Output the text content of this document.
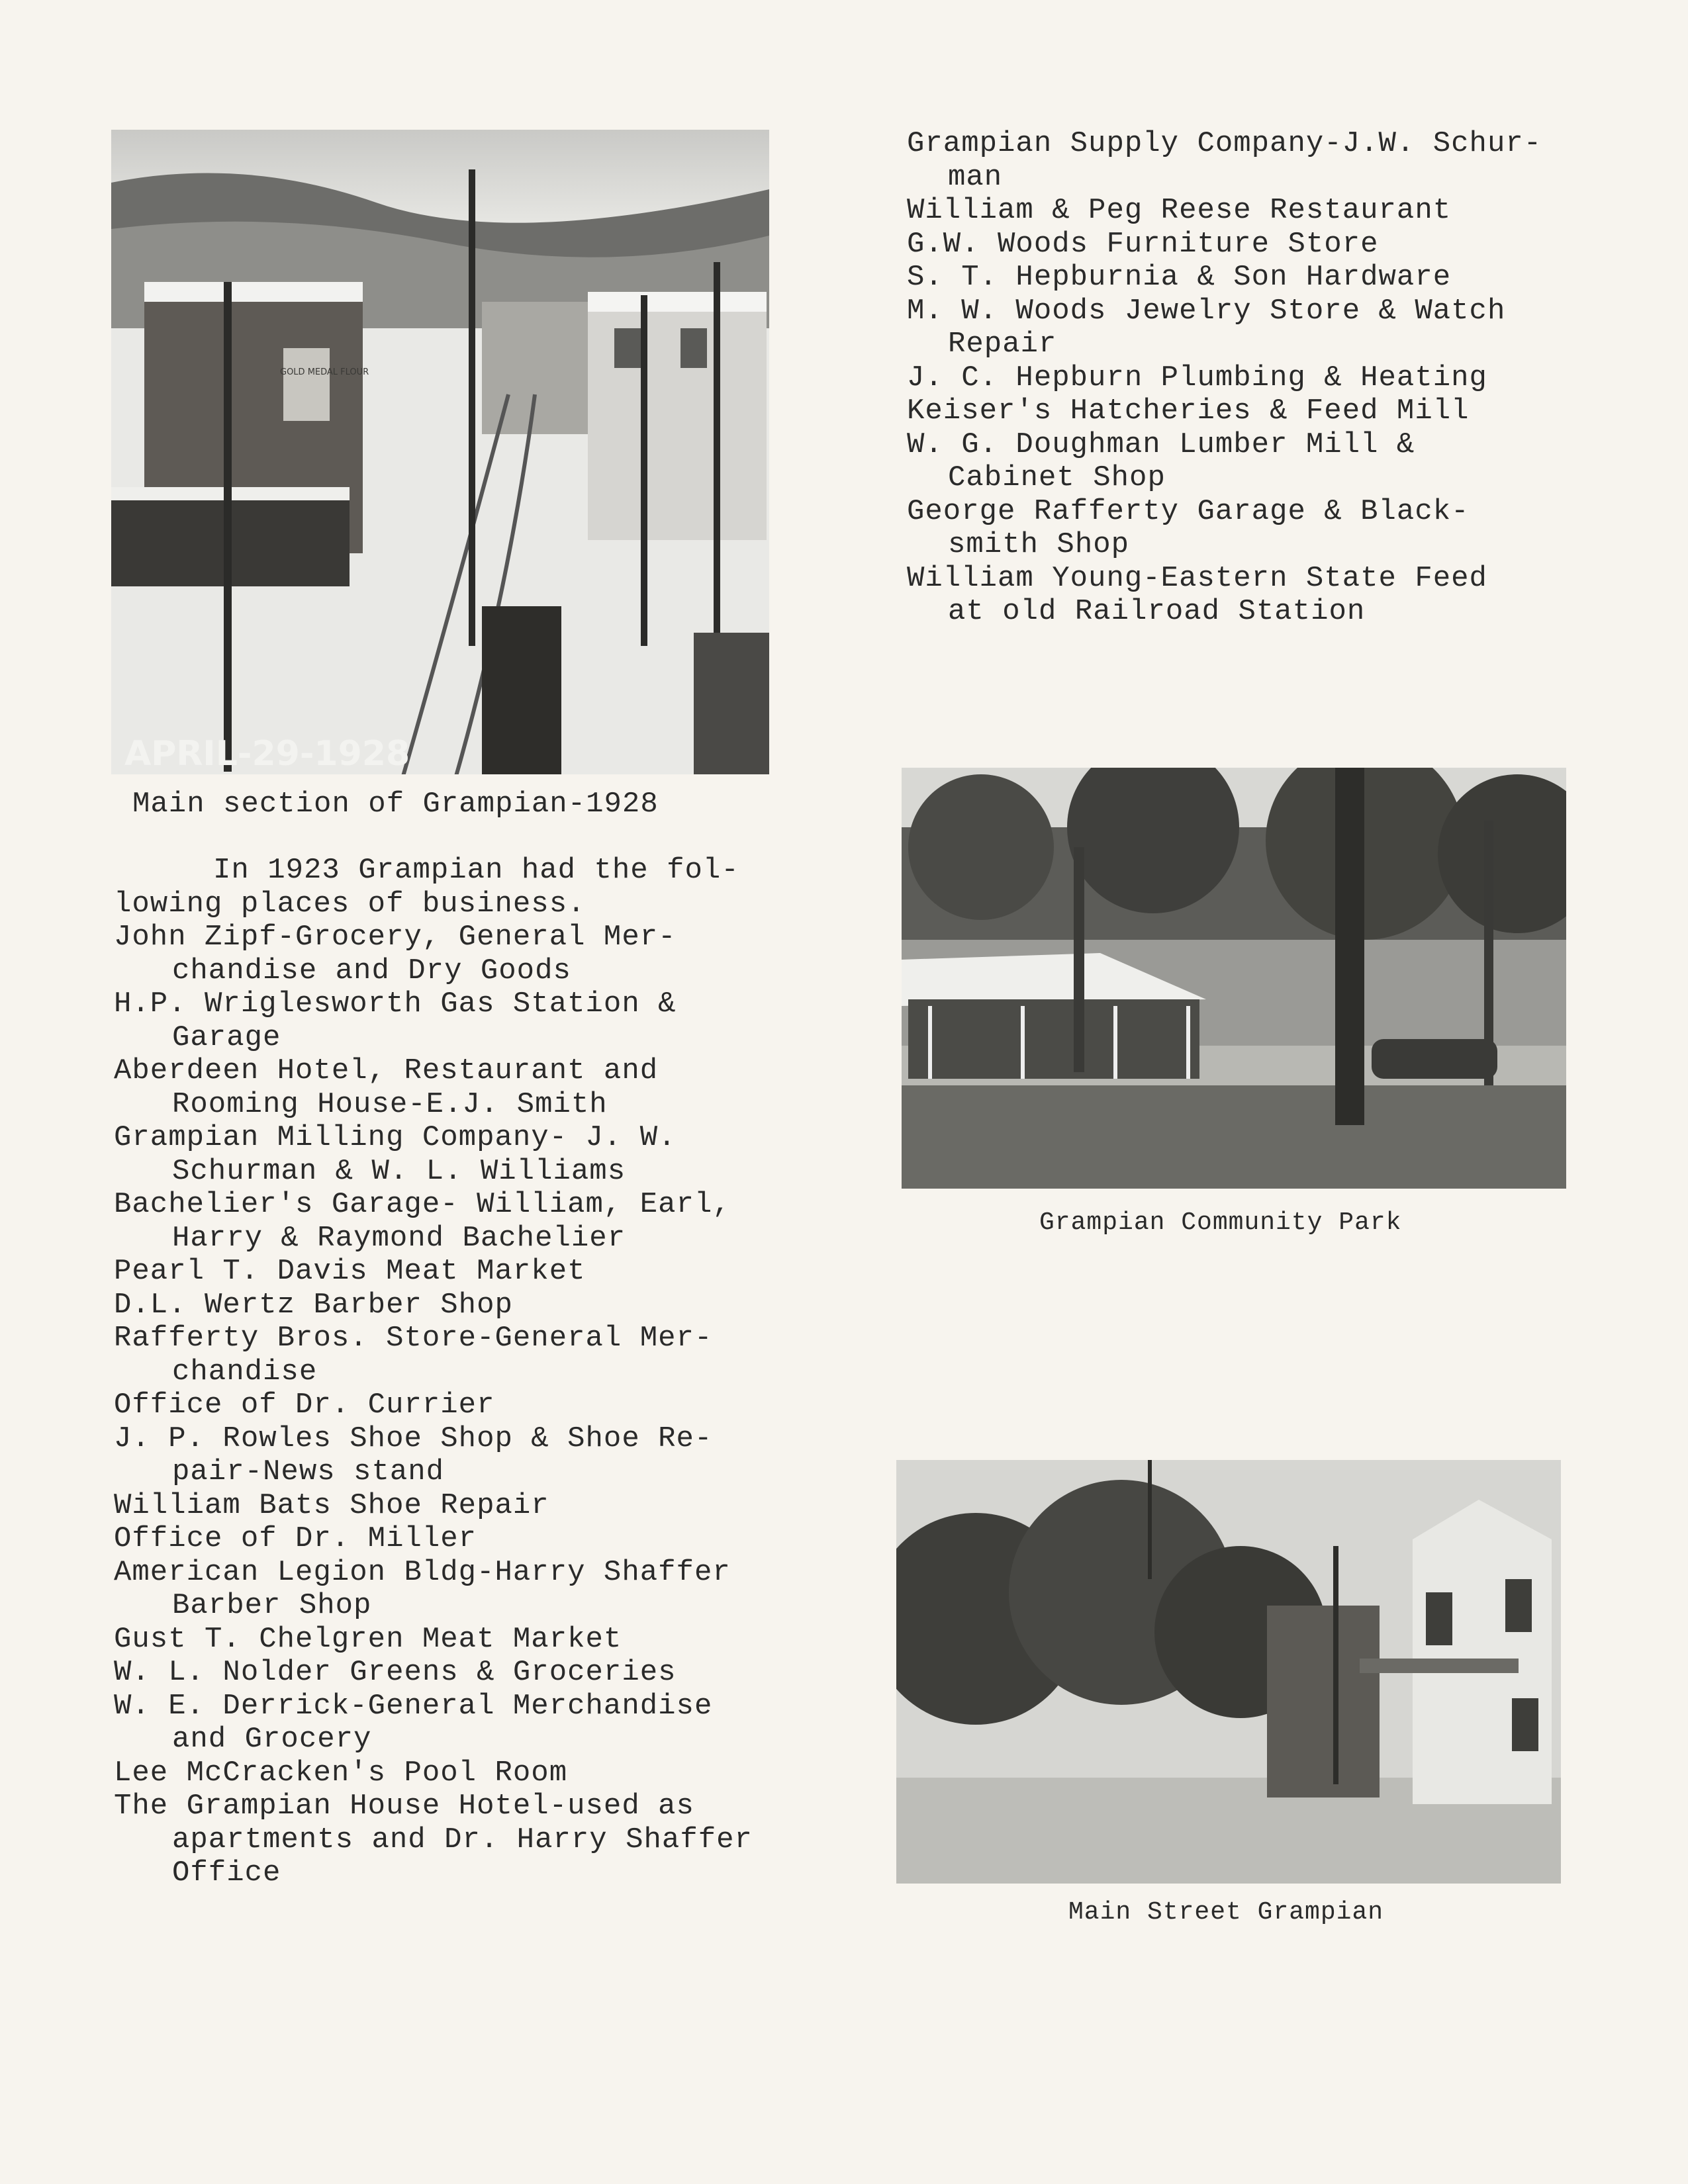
APRIL-29-1928
GOLD MEDAL FLOUR
Main section of Grampian-1928

In 1923 Grampian had the fol-
lowing places of business.

John Zipf-Grocery, General Mer-
chandise and Dry Goods

H.P. Wriglesworth Gas Station &
Garage

Aberdeen Hotel, Restaurant and
Rooming House-E.J. Smith

Grampian Milling Company- J. W.
Schurman & W. L. Williams

Bachelier's Garage- William, Earl,
Harry & Raymond Bachelier

Pearl T. Davis Meat Market

D.L. Wertz Barber Shop

Rafferty Bros. Store-General Mer-
chandise

Office of Dr. Currier

J. P. Rowles Shoe Shop & Shoe Re-
pair-News stand

William Bats Shoe Repair

Office of Dr. Miller

American Legion Bldg-Harry Shaffer
Barber Shop

Gust T. Chelgren Meat Market

W. L. Nolder Greens & Groceries

W. E. Derrick-General Merchandise
and Grocery

Lee McCracken's Pool Room

The Grampian House Hotel-used as
apartments and Dr. Harry Shaffer
Office

Grampian Supply Company-J.W. Schur-
man

William & Peg Reese Restaurant

G.W. Woods Furniture Store

S. T. Hepburnia & Son Hardware

M. W. Woods Jewelry Store & Watch
Repair

J. C. Hepburn Plumbing & Heating

Keiser's Hatcheries & Feed Mill

W. G. Doughman Lumber Mill &
Cabinet Shop

George Rafferty Garage & Black-
smith Shop

William Young-Eastern State Feed
at old Railroad Station

Grampian Community Park
Main Street Grampian
